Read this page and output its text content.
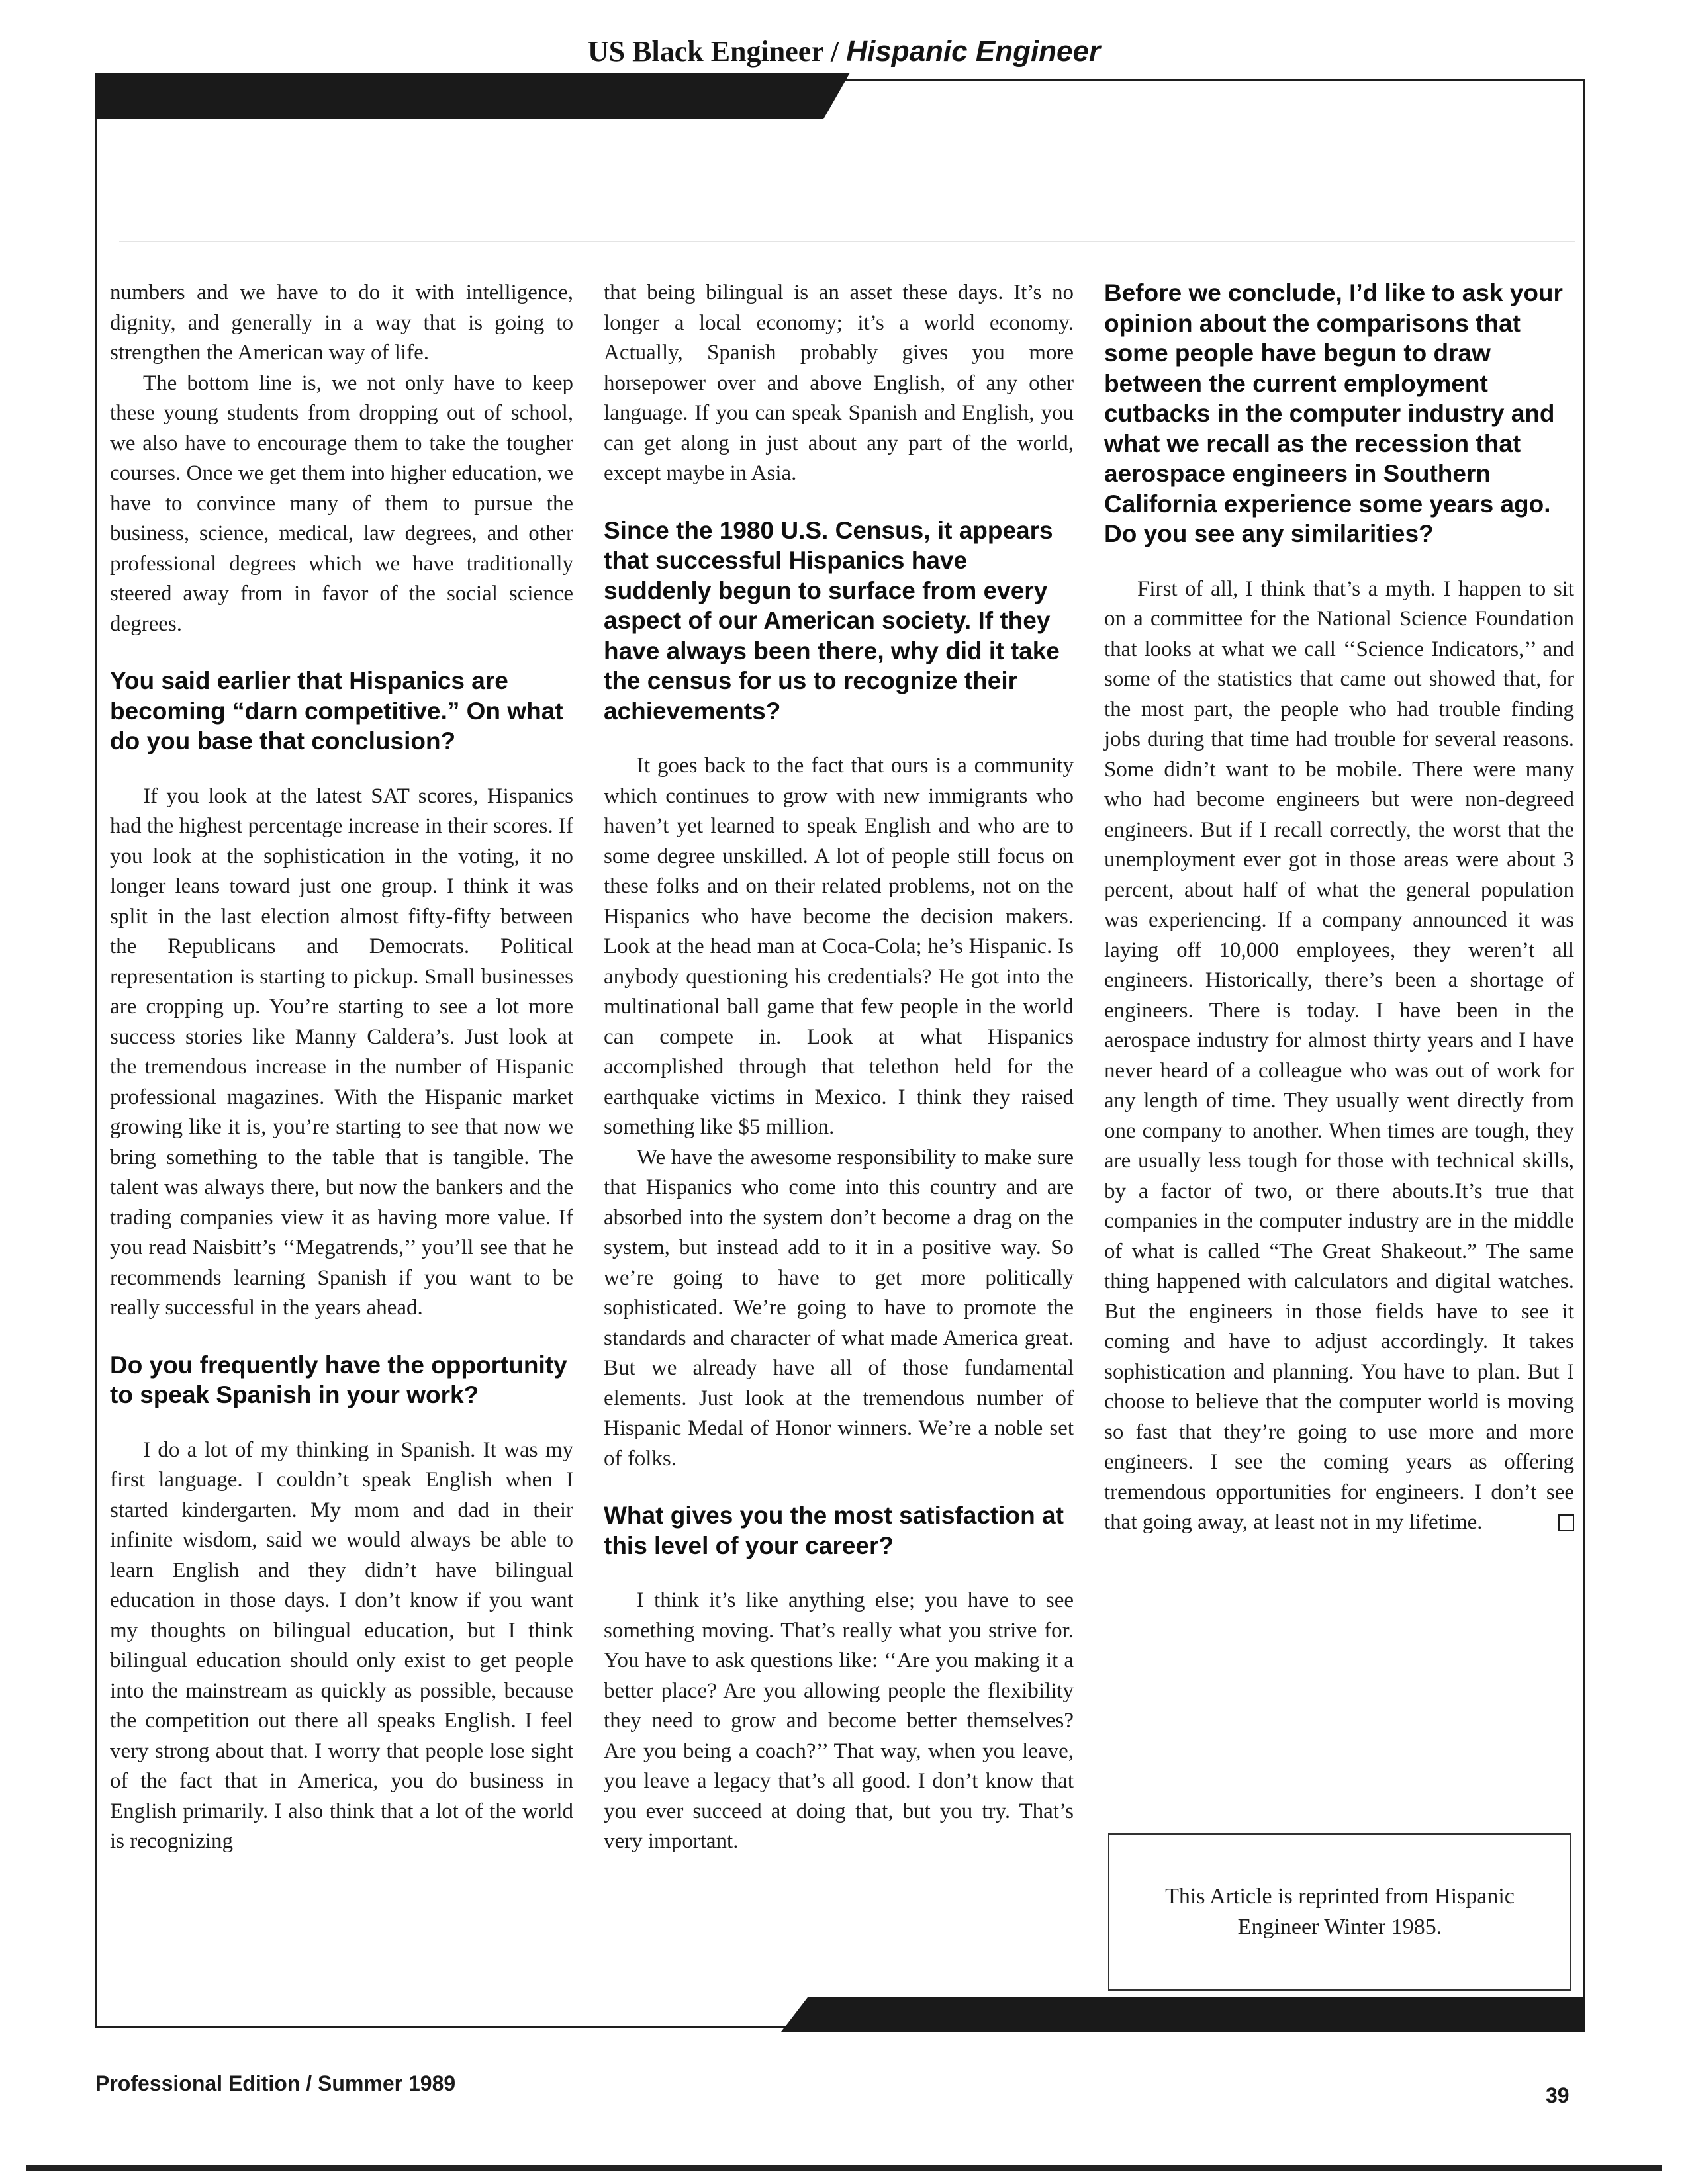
US Black Engineer / Hispanic Engineer

numbers and we have to do it with intelligence, dignity, and generally in a way that is going to strengthen the American way of life.

The bottom line is, we not only have to keep these young students from dropping out of school, we also have to encourage them to take the tougher courses. Once we get them into higher education, we have to convince many of them to pursue the business, science, medical, law degrees, and other professional degrees which we have traditionally steered away from in favor of the social science degrees.

You said earlier that Hispanics are becoming “darn competitive.” On what do you base that conclusion?

If you look at the latest SAT scores, Hispanics had the highest percentage increase in their scores. If you look at the sophistication in the voting, it no longer leans toward just one group. I think it was split in the last election almost fifty-fifty between the Republicans and Democrats. Political representation is starting to pickup. Small businesses are cropping up. You’re starting to see a lot more success stories like Manny Caldera’s. Just look at the tremendous increase in the number of Hispanic professional magazines. With the Hispanic market growing like it is, you’re starting to see that now we bring something to the table that is tangible. The talent was always there, but now the bankers and the trading companies view it as having more value. If you read Naisbitt’s ‘‘Megatrends,’’ you’ll see that he recommends learning Spanish if you want to be really successful in the years ahead.

Do you frequently have the opportunity to speak Spanish in your work?

I do a lot of my thinking in Spanish. It was my first language. I couldn’t speak English when I started kindergarten. My mom and dad in their infinite wisdom, said we would always be able to learn English and they didn’t have bilingual education in those days. I don’t know if you want my thoughts on bilingual education, but I think bilingual education should only exist to get people into the mainstream as quickly as possible, because the competition out there all speaks English. I feel very strong about that. I worry that people lose sight of the fact that in America, you do business in English primarily. I also think that a lot of the world is recognizing

that being bilingual is an asset these days. It’s no longer a local economy; it’s a world economy. Actually, Spanish probably gives you more horsepower over and above English, of any other language. If you can speak Spanish and English, you can get along in just about any part of the world, except maybe in Asia.

Since the 1980 U.S. Census, it appears that successful Hispanics have suddenly begun to surface from every aspect of our American society. If they have always been there, why did it take the census for us to recognize their achievements?

It goes back to the fact that ours is a community which continues to grow with new immigrants who haven’t yet learned to speak English and who are to some degree unskilled. A lot of people still focus on these folks and on their related problems, not on the Hispanics who have become the decision makers. Look at the head man at Coca-Cola; he’s Hispanic. Is anybody questioning his credentials? He got into the multinational ball game that few people in the world can compete in. Look at what Hispanics accomplished through that telethon held for the earthquake victims in Mexico. I think they raised something like $5 million.

We have the awesome responsibility to make sure that Hispanics who come into this country and are absorbed into the system don’t become a drag on the system, but instead add to it in a positive way. So we’re going to have to get more politically sophisticated. We’re going to have to promote the standards and character of what made America great. But we already have all of those fundamental elements. Just look at the tremendous number of Hispanic Medal of Honor winners. We’re a noble set of folks.

What gives you the most satisfaction at this level of your career?

I think it’s like anything else; you have to see something moving. That’s really what you strive for. You have to ask questions like: ‘‘Are you making it a better place? Are you allowing people the flexibility they need to grow and become better themselves? Are you being a coach?’’ That way, when you leave, you leave a legacy that’s all good. I don’t know that you ever succeed at doing that, but you try. That’s very important.

Before we conclude, I’d like to ask your opinion about the comparisons that some people have begun to draw between the current employment cutbacks in the computer industry and what we recall as the recession that aerospace engineers in Southern California experience some years ago. Do you see any similarities?

First of all, I think that’s a myth. I happen to sit on a committee for the National Science Foundation that looks at what we call ‘‘Science Indicators,’’ and some of the statistics that came out showed that, for the most part, the people who had trouble finding jobs during that time had trouble for several reasons. Some didn’t want to be mobile. There were many who had become engineers but were non-degreed engineers. But if I recall correctly, the worst that the unemployment ever got in those areas were about 3 percent, about half of what the general population was experiencing. If a company announced it was laying off 10,000 employees, they weren’t all engineers. Historically, there’s been a shortage of engineers. There is today. I have been in the aerospace industry for almost thirty years and I have never heard of a colleague who was out of work for any length of time. They usually went directly from one company to another. When times are tough, they are usually less tough for those with technical skills, by a factor of two, or there abouts.It’s true that companies in the computer industry are in the middle of what is called “The Great Shakeout.” The same thing happened with calculators and digital watches. But the engineers in those fields have to see it coming and have to adjust accordingly. It takes sophistication and planning. You have to plan. But I choose to believe that the computer world is moving so fast that they’re going to use more and more engineers. I see the coming years as offering tremendous opportunities for engineers. I don’t see that going away, at least not in my lifetime.

This Article is reprinted from Hispanic Engineer Winter 1985.
Professional Edition / Summer 1989	39
